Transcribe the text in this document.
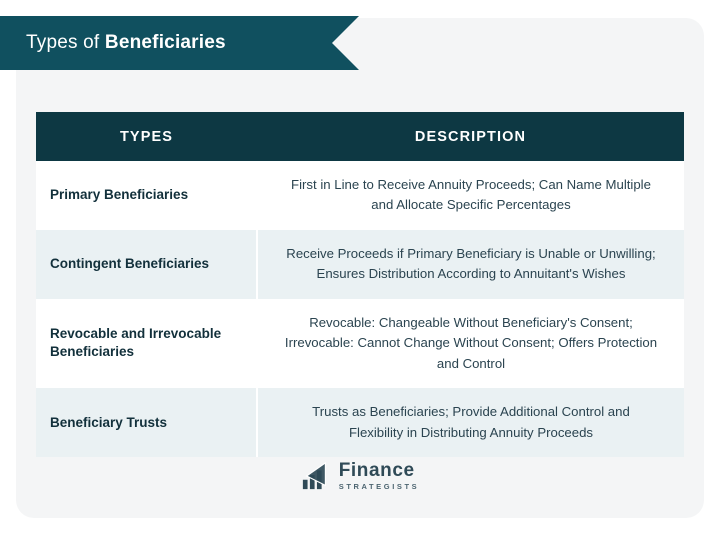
Types of Beneficiaries
TYPES	DESCRIPTION
Primary Beneficiaries	First in Line to Receive Annuity Proceeds; Can Name Multiple and Allocate Specific Percentages
Contingent Beneficiaries	Receive Proceeds if Primary Beneficiary is Unable or Unwilling; Ensures Distribution According to Annuitant's Wishes
Revocable and Irrevocable Beneficiaries	Revocable: Changeable Without Beneficiary's Consent; Irrevocable: Cannot Change Without Consent; Offers Protection and Control
Beneficiary Trusts	Trusts as Beneficiaries; Provide Additional Control and Flexibility in Distributing Annuity Proceeds
Finance
STRATEGISTS
